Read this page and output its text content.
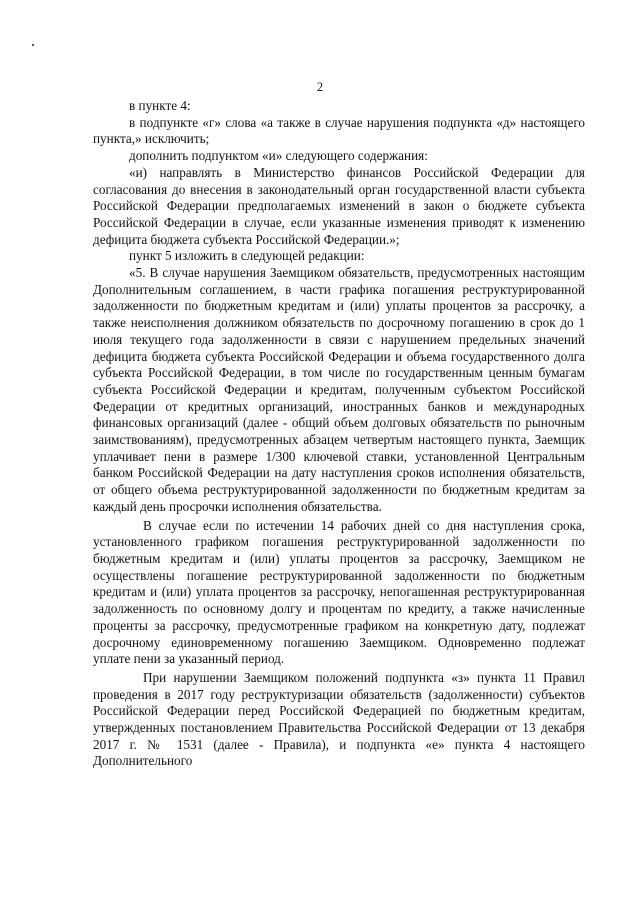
2

в пункте 4:

в подпункте «г» слова «а также в случае нарушения подпункта «д» настоящего пункта,» исключить;

дополнить подпунктом «и» следующего содержания:

«и) направлять в Министерство финансов Российской Федерации для согласования до внесения в законодательный орган государственной власти субъекта Российской Федерации предполагаемых изменений в закон о бюджете субъекта Российской Федерации в случае, если указанные изменения приводят к изменению дефицита бюджета субъекта Российской Федерации.»;

пункт 5 изложить в следующей редакции:

«5. В случае нарушения Заемщиком обязательств, предусмотренных настоящим Дополнительным соглашением, в части графика погашения реструктурированной задолженности по бюджетным кредитам и (или) уплаты процентов за рассрочку, а также неисполнения должником обязательств по досрочному погашению в срок до 1 июля текущего года задолженности в связи с нарушением предельных значений дефицита бюджета субъекта Российской Федерации и объема государственного долга субъекта Российской Федерации, в том числе по государственным ценным бумагам субъекта Российской Федерации и кредитам, полученным субъектом Российской Федерации от кредитных организаций, иностранных банков и международных финансовых организаций (далее - общий объем долговых обязательств по рыночным заимствованиям), предусмотренных абзацем четвертым настоящего пункта, Заемщик уплачивает пени в размере 1/300 ключевой ставки, установленной Центральным банком Российской Федерации на дату наступления сроков исполнения обязательств, от общего объема реструктурированной задолженности по бюджетным кредитам за каждый день просрочки исполнения обязательства.

В случае если по истечении 14 рабочих дней со дня наступления срока, установленного графиком погашения реструктурированной задолженности по бюджетным кредитам и (или) уплаты процентов за рассрочку, Заемщиком не осуществлены погашение реструктурированной задолженности по бюджетным кредитам и (или) уплата процентов за рассрочку, непогашенная реструктурированная задолженность по основному долгу и процентам по кредиту, а также начисленные проценты за рассрочку, предусмотренные графиком на конкретную дату, подлежат досрочному единовременному погашению Заемщиком. Одновременно подлежат уплате пени за указанный период.

При нарушении Заемщиком положений подпункта «з» пункта 11 Правил проведения в 2017 году реструктуризации обязательств (задолженности) субъектов Российской Федерации перед Российской Федерацией по бюджетным кредитам, утвержденных постановлением Правительства Российской Федерации от 13 декабря 2017 г. № 1531 (далее - Правила), и подпункта «е» пункта 4 настоящего Дополнительного
